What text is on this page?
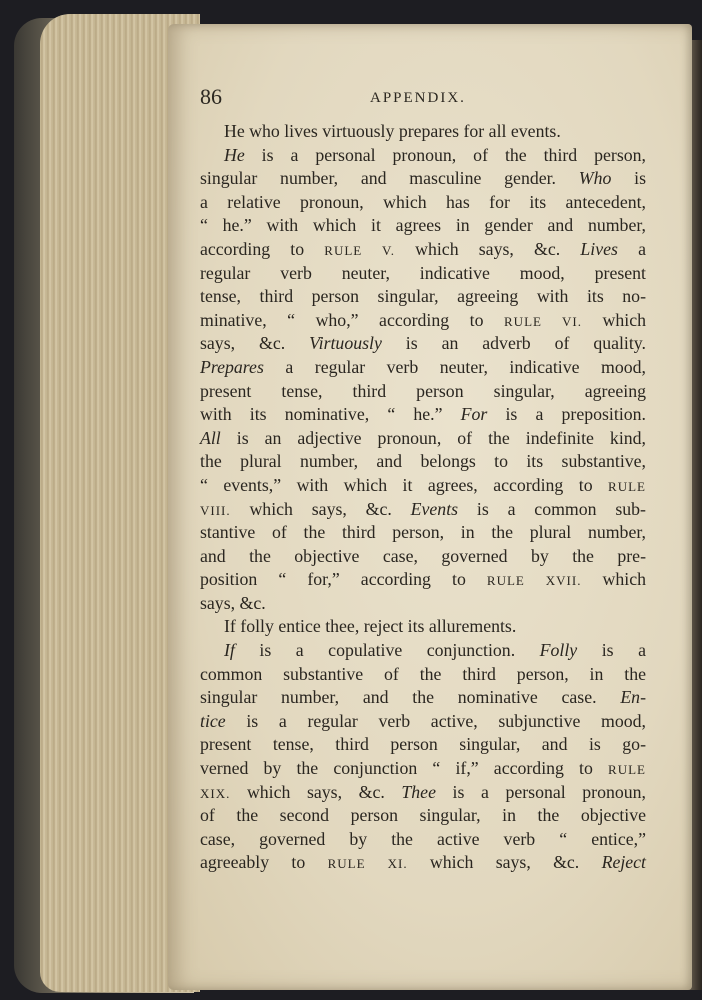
86	APPENDIX.

He who lives virtuously prepares for all events.

He is a personal pronoun, of the third person,

singular number, and masculine gender. Who is

a relative pronoun, which has for its antecedent,

“ he.” with which it agrees in gender and number,

according to RULE V. which says, &c. Lives a

regular verb neuter, indicative mood, present

tense, third person singular, agreeing with its no-

minative, “ who,” according to RULE VI. which

says, &c. Virtuously is an adverb of quality.

Prepares a regular verb neuter, indicative mood,

present tense, third person singular, agreeing

with its nominative, “ he.” For is a preposition.

All is an adjective pronoun, of the indefinite kind,

the plural number, and belongs to its substantive,

“ events,” with which it agrees, according to RULE

VIII. which says, &c. Events is a common sub-

stantive of the third person, in the plural number,

and the objective case, governed by the pre-

position “ for,” according to RULE XVII. which

says, &c.

If folly entice thee, reject its allurements.

If is a copulative conjunction. Folly is a

common substantive of the third person, in the

singular number, and the nominative case. En-

tice is a regular verb active, subjunctive mood,

present tense, third person singular, and is go-

verned by the conjunction “ if,” according to RULE

XIX. which says, &c. Thee is a personal pronoun,

of the second person singular, in the objective

case, governed by the active verb “ entice,”

agreeably to RULE XI. which says, &c. Reject
